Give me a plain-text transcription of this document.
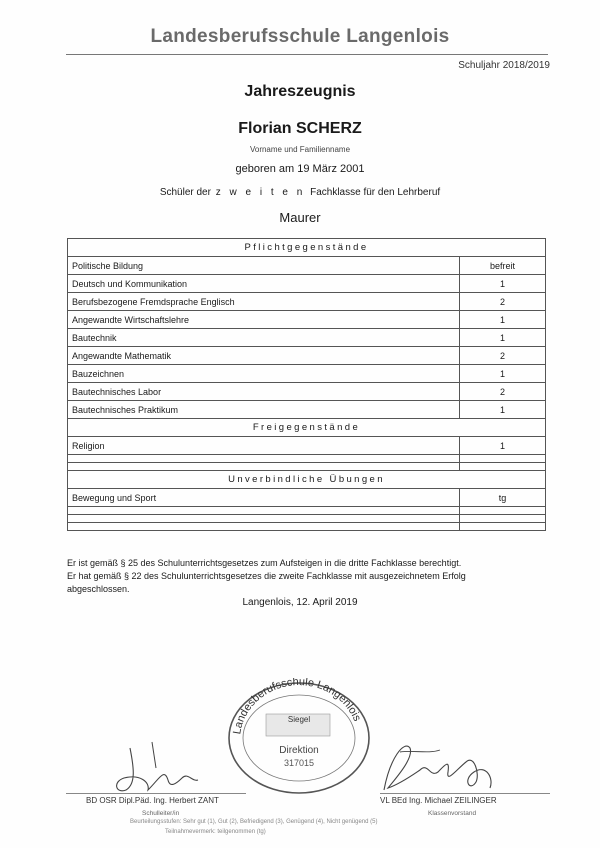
Landesberufsschule Langenlois
Schuljahr 2018/2019
Jahreszeugnis
Florian SCHERZ
Vorname und Familienname
geboren am 19 März 2001
Schüler der z w e i t e n Fachklasse für den Lehrberuf
Maurer
Pflichtgegenstände	
Politische Bildung	befreit
Deutsch und Kommunikation	1
Berufsbezogene Fremdsprache Englisch	2
Angewandte Wirtschaftslehre	1
Bautechnik	1
Angewandte Mathematik	2
Bauzeichnen	1
Bautechnisches Labor	2
Bautechnisches Praktikum	1
Freigegenstände	
Religion	1

Unverbindliche Übungen	
Bewegung und Sport	tg

Er ist gemäß § 25 des Schulunterrichtsgesetzes zum Aufsteigen in die dritte Fachklasse berechtigt.
Er hat gemäß § 22 des Schulunterrichtsgesetzes die zweite Fachklasse mit ausgezeichnetem Erfolg
abgeschlossen.
Langenlois, 12. April 2019
Landesberufsschule Langenlois
Siegel
Direktion
317015
BD OSR Dipl.Päd. Ing. Herbert ZANT
Schulleiter/in
VL BEd Ing. Michael ZEILINGER
Klassenvorstand
Beurteilungsstufen: Sehr gut (1), Gut (2), Befriedigend (3), Genügend (4), Nicht genügend (5)
Teilnahmevermerk: teilgenommen (tg)
